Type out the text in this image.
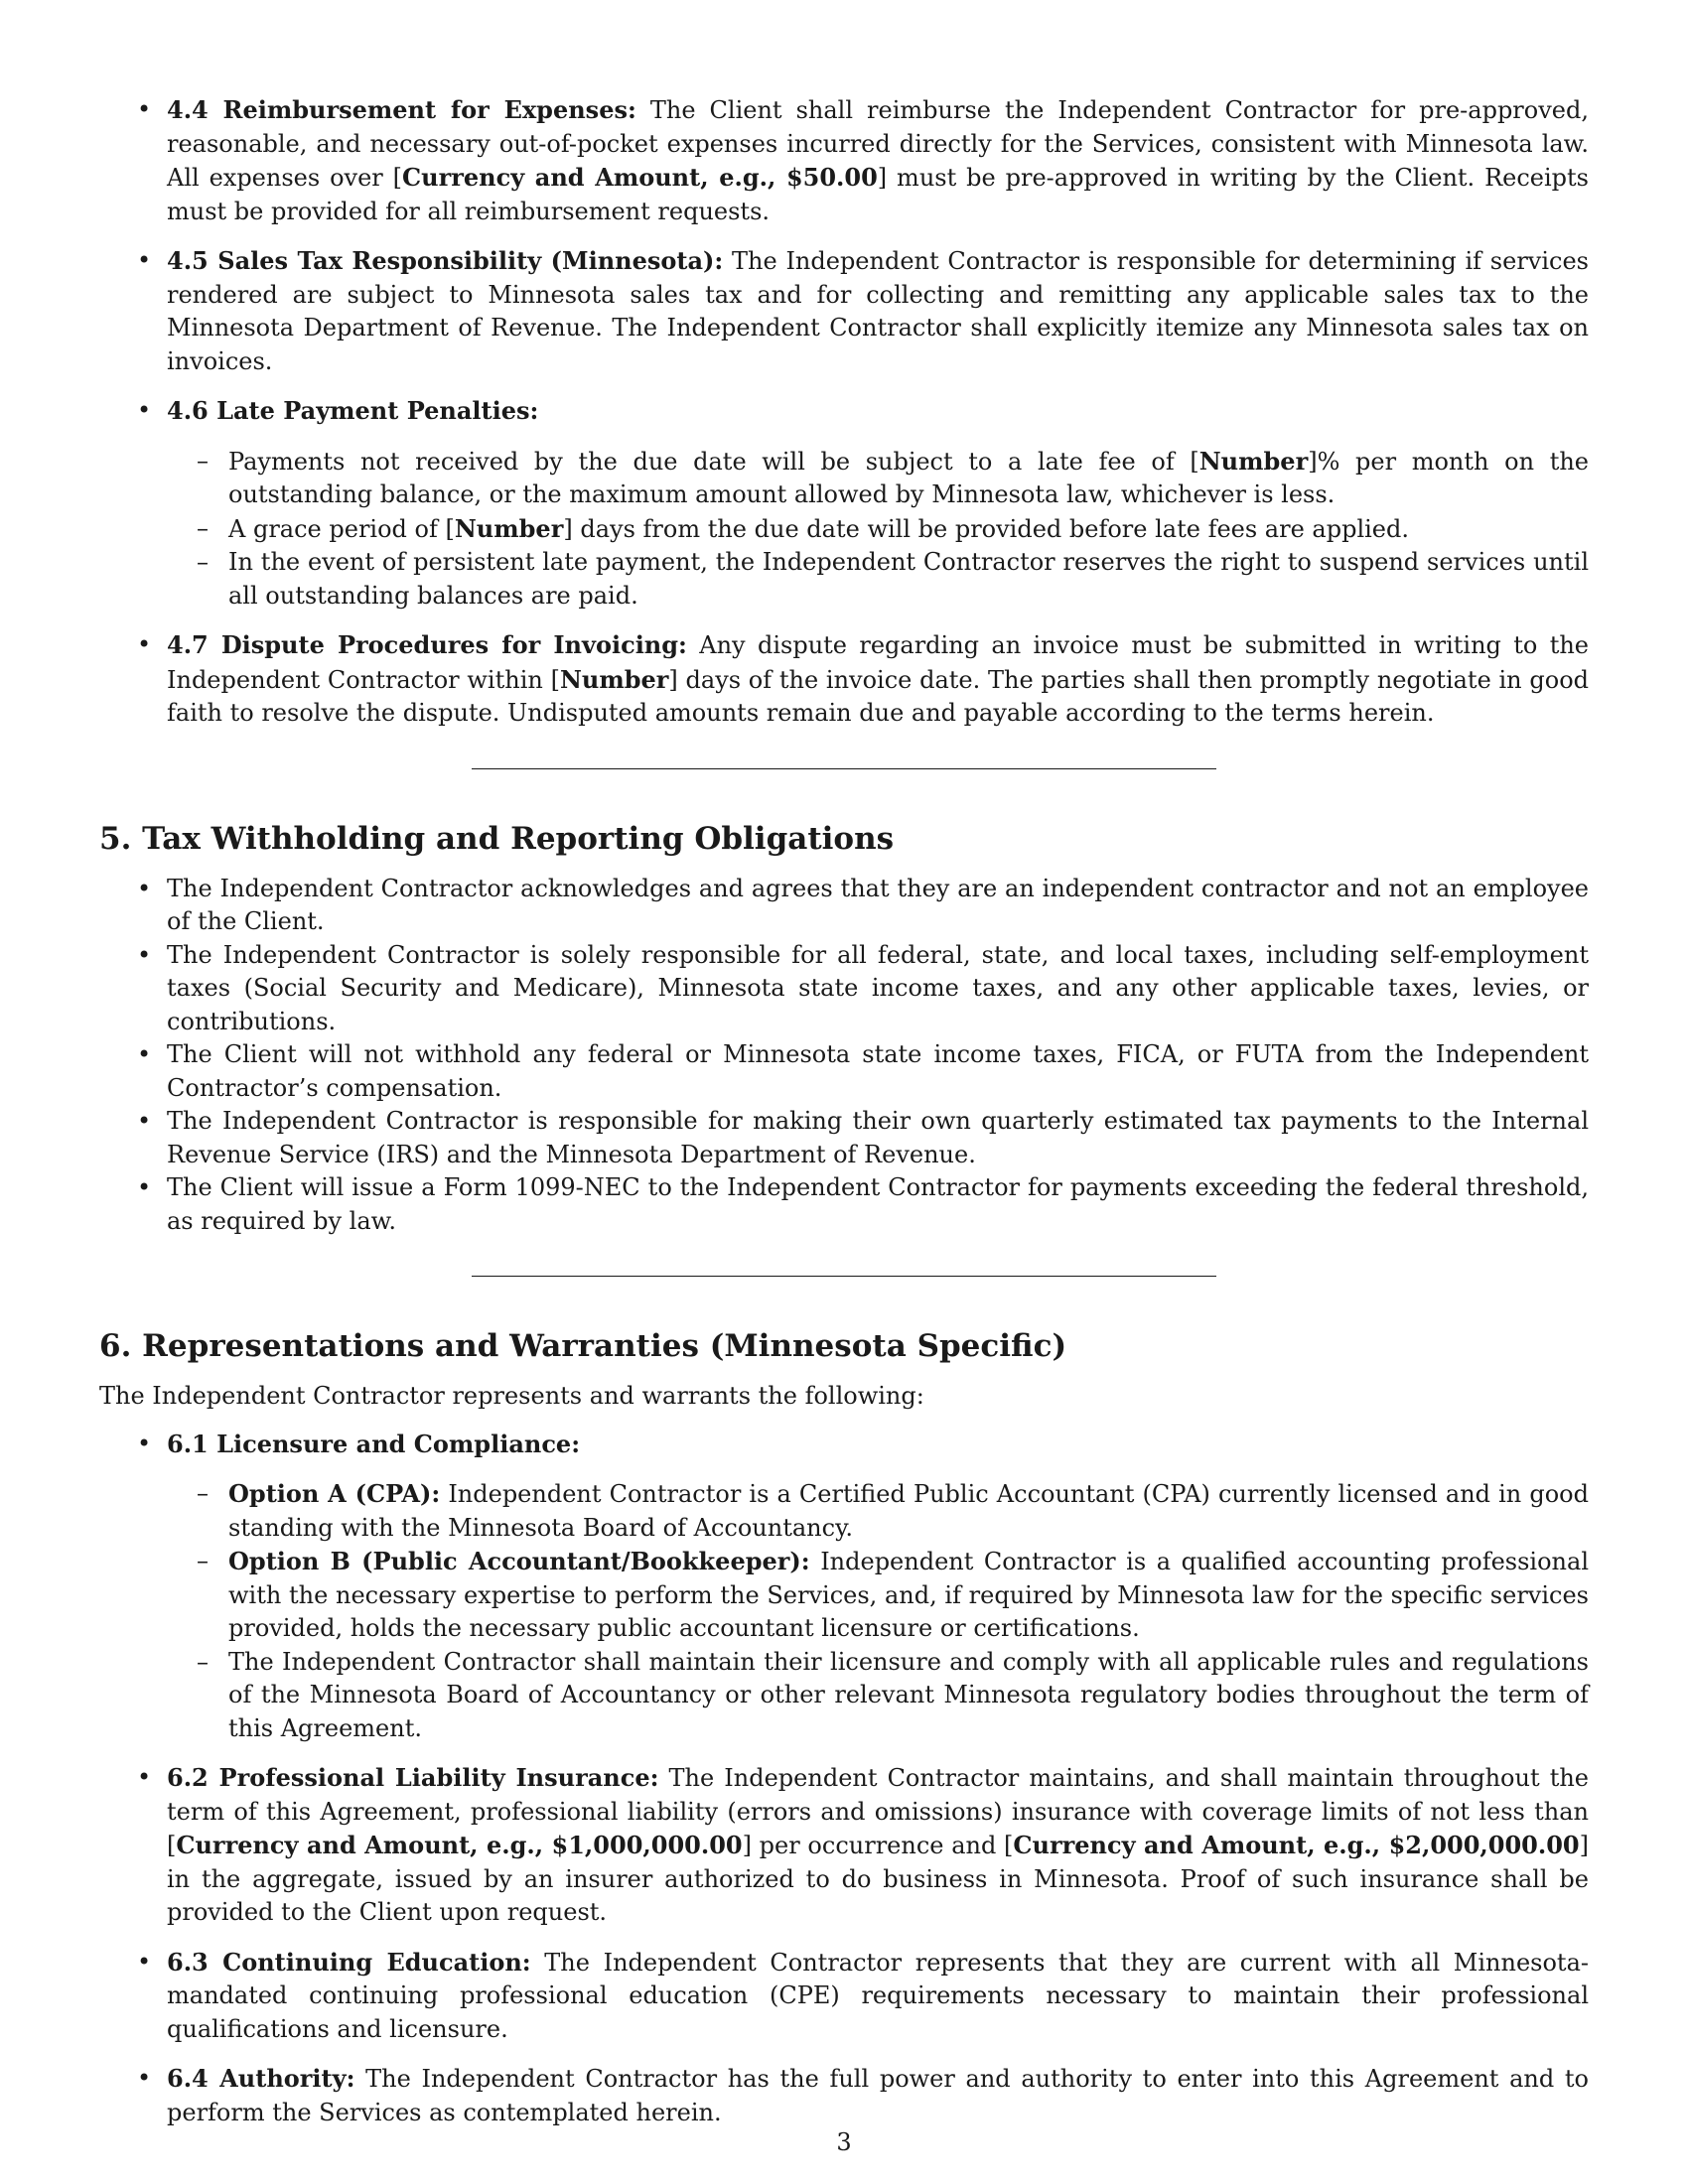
• 4.4 Reimbursement for Expenses: The Client shall reimburse the Independent Contractor for pre-approved, reasonable, and necessary out-of-pocket expenses incurred directly for the Services, consistent with Minnesota law. All expenses over [Currency and Amount, e.g., $50.00] must be pre-approved in writing by the Client. Receipts must be provided for all reimbursement requests.
• 4.5 Sales Tax Responsibility (Minnesota): The Independent Contractor is responsible for determining if services rendered are subject to Minnesota sales tax and for collecting and remitting any applicable sales tax to the Minnesota Department of Revenue. The Independent Contractor shall explicitly itemize any Minnesota sales tax on invoices.
• 4.6 Late Payment Penalties:
– Payments not received by the due date will be subject to a late fee of [Number]% per month on the outstanding balance, or the maximum amount allowed by Minnesota law, whichever is less.
– A grace period of [Number] days from the due date will be provided before late fees are applied.
– In the event of persistent late payment, the Independent Contractor reserves the right to suspend services until all outstanding balances are paid.
• 4.7 Dispute Procedures for Invoicing: Any dispute regarding an invoice must be submitted in writing to the Independent Contractor within [Number] days of the invoice date. The parties shall then promptly negotiate in good faith to resolve the dispute. Undisputed amounts remain due and payable according to the terms herein.
5. Tax Withholding and Reporting Obligations
• The Independent Contractor acknowledges and agrees that they are an independent contractor and not an employee of the Client.
• The Independent Contractor is solely responsible for all federal, state, and local taxes, including self-employment taxes (Social Security and Medicare), Minnesota state income taxes, and any other applicable taxes, levies, or contributions.
• The Client will not withhold any federal or Minnesota state income taxes, FICA, or FUTA from the Independent Contractor’s compensation.
• The Independent Contractor is responsible for making their own quarterly estimated tax payments to the Internal Revenue Service (IRS) and the Minnesota Department of Revenue.
• The Client will issue a Form 1099-NEC to the Independent Contractor for payments exceeding the federal threshold, as required by law.
6. Representations and Warranties (Minnesota Specific)

The Independent Contractor represents and warrants the following:

• 6.1 Licensure and Compliance:
– Option A (CPA): Independent Contractor is a Certified Public Accountant (CPA) currently licensed and in good standing with the Minnesota Board of Accountancy.
– Option B (Public Accountant/Bookkeeper): Independent Contractor is a qualified accounting professional with the necessary expertise to perform the Services, and, if required by Minnesota law for the specific services provided, holds the necessary public accountant licensure or certifications.
– The Independent Contractor shall maintain their licensure and comply with all applicable rules and regulations of the Minnesota Board of Accountancy or other relevant Minnesota regulatory bodies throughout the term of this Agreement.
• 6.2 Professional Liability Insurance: The Independent Contractor maintains, and shall maintain throughout the term of this Agreement, professional liability (errors and omissions) insurance with coverage limits of not less than [Currency and Amount, e.g., $1,000,000.00] per occurrence and [Currency and Amount, e.g., $2,000,000.00] in the aggregate, issued by an insurer authorized to do business in Minnesota. Proof of such insurance shall be provided to the Client upon request.
• 6.3 Continuing Education: The Independent Contractor represents that they are current with all Minnesota-mandated continuing professional education (CPE) requirements necessary to maintain their professional qualifications and licensure.
• 6.4 Authority: The Independent Contractor has the full power and authority to enter into this Agreement and to perform the Services as contemplated herein.
3
